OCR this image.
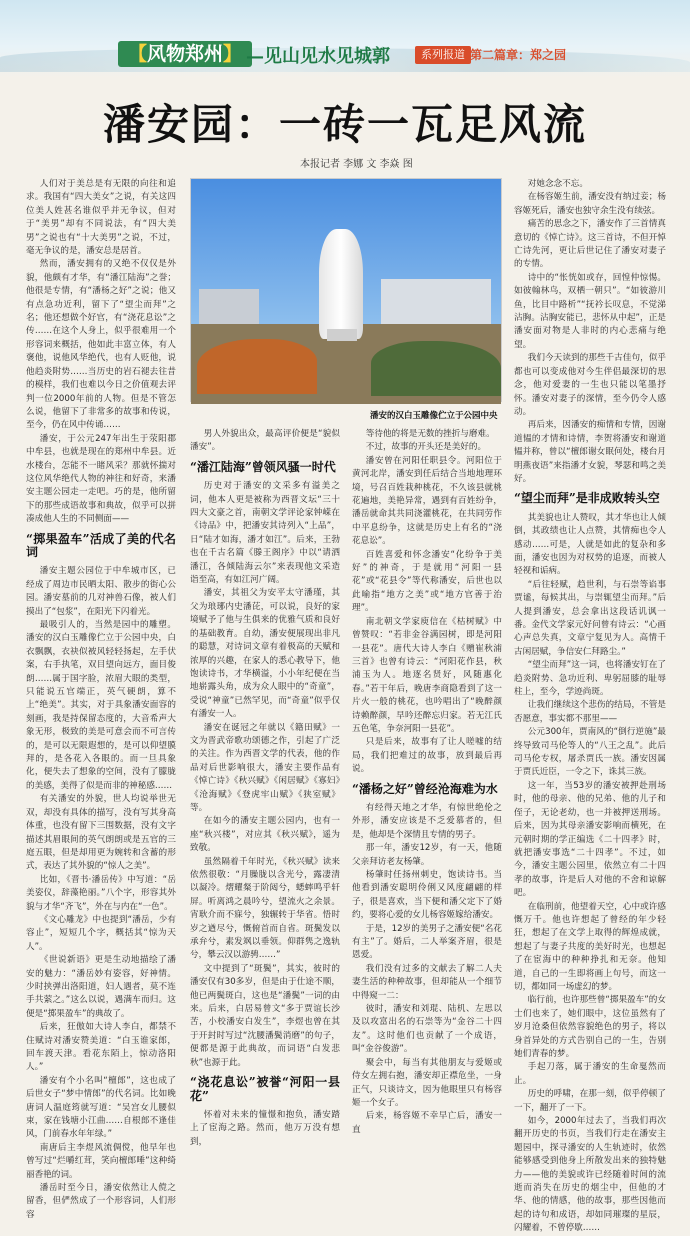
【风物郑州】 —见山见水见城郭	系列报道 第二篇章：郑之园
潘安园：一砖一瓦足风流
本报记者 李娜 文 李焱 图

人们对于美总是有无限的向往和追求。我国有“四大美女”之说，有关这四位美人姓甚名谁似乎并无争议，但对于“美男”却有不同说法，有“四大美男”之说也有“十大美男”之说，不过，毫无争议的是，潘安总是居首。

然而，潘安拥有的又绝不仅仅是外貌，他颇有才华，有“潘江陆海”之誉；他很是专情，有“潘杨之好”之说；他又有点急功近利，留下了“望尘而拜”之名；他还想做个好官，有“浇花息讼”之传……在这个人身上，似乎很难用一个形容词来概括，他如此丰富立体，有人褒他，说他风华绝代，也有人贬他，说他趋炎附势……当历史的岩石褪去往昔的模样，我们也难以今日之价值观去评判一位2000年前的人物。但是不管怎么说，他留下了非常多的故事和传说，至今，仍在风中传诵……

潘安，于公元247年出生于荥阳郡中牟县，也就是现在的郑州中牟县。近水楼台，怎能不一睹风采？那就怀揣对这位风华绝代人物的神往和好奇，来潘安主题公园走一走吧。巧的是，他所留下的那些成语故事和典故，似乎可以拼凑成他人生的不同侧面——

“掷果盈车”活成了美的代名词

潘安主题公园位于中牟城市区，已经成了周边市民晒太阳、散步的街心公园。潘安墓前的几对神兽石像，被人们摸出了“包浆”，在阳光下闪着光。

最吸引人的，当然是园中的雕塑。潘安的汉白玉雕像伫立于公园中央，白衣飘飘，衣袂似被风轻轻扬起，左手伏案，右手执笔，双目望向远方，面目俊朗……属于国字脸，浓眉大眼的类型，只能说五官端正，英气硬朗，算不上“绝美”。其实，对于具象潘安面容的刻画，我是持保留态度的，大音希声大象无形，极致的美是可意会而不可言传的，是可以无限遐想的，是可以仰望膜拜的，是各花入各眼的。而一旦具象化，便失去了想象的空间，没有了朦胧的美感，美得了似是而非的神秘感……

有关潘安的外貌，世人均说举世无双，却没有具体的描写，没有写其身高体重，也没有留下三围数据，没有文字描述其眉眼间的英气朗朗或是五官的三庭五眼，但是却用更为婉转和含蓄的形式，表达了其外貌的“惊人之美”。

比如，《晋书·潘岳传》中写道：“岳美姿仪，辞藻艳丽。”八个字，形容其外貌与才华“齐飞”，外在与内在“一色”。

《文心雕龙》中也提到“潘岳，少有容止”，短短几个字，概括其“惊为天人”。

《世说新语》更是生动地描绘了潘安的魅力：“潘岳妙有姿容，好神情。少时挟弹出洛阳道，妇人遇者，莫不连手共萦之。”这么以说，遇满车而归。这便是“掷果盈车”的典故了。

后来，狂傲如大诗人李白，都禁不住赋诗对潘安赞美道：“白玉谁家郎，回车渡天津。看花东陌上，惊动洛阳人。”

潘安有个小名叫“檀郎”，这也成了后世女子“梦中情郎”的代名词。比如晚唐词人温庭筠就写道：“吴宫女儿腰似束，家在钱塘小江曲……自根郎不逢佳风，门前春水年年绿。”

南唐后主李煜风流倜傥，他早年也曾写过“烂嚼红茸，笑向檀郎唾”这种绮丽香艳的词。

潘岳时至今日，潘安依然让人傥之留香，但俨然成了一个形容词，人们形容

潘安的汉白玉雕像伫立于公园中央

男人外貌出众，最高评价便是“貌似潘安”。

“潘江陆海”曾领风骚一时代

历史对于潘安的文采多有溢美之词，他本人更是被称为西晋文坛“三十四大文豪之首，南朝文学评论家钟嵘在《诗品》中，把潘安其诗列入“上品”，日“陆才如海，潘才如江”。后来，王勃也在千古名篇《滕王阁序》中以“请洒潘江，各倾陆海云尔”来表现他文采造诣至高，有如江河广阔。

潘安，其祖父为安平太守潘瑾，其父为琅琊内史潘芘，可以说，良好的家境赋予了他与生俱来的优雅气质和良好的基础教育。自幼，潘安便展现出非凡的聪慧，对诗词文章有着极高的天赋和浓厚的兴趣，在家人的悉心教导下，他饱读诗书，才华横溢，小小年纪便在当地崭露头角，成为众人眼中的“奇童”，受说“神童”已然罕见，而“奇童”似乎仅有潘安一人。

潘安在诞冠之年就以《籍田赋》一文为晋武帝歌功颂德之作，引起了广泛的关注。作为西晋文学的代表，他的作品对后世影响很大，潘安主要作品有《悼亡诗》《秋兴赋》《闲居赋》《寡妇》《沧海赋》《登虎牢山赋》《狭室赋》等。

在如今的潘安主题公园内，也有一座“秋兴楼”，对应其《秋兴赋》，遥为致敬。

虽然隔着千年时光，《秋兴赋》读来依然很敬：“月臊胧以含光兮，露凄清以凝冷。熠耀粲于阶闼兮，蟋蟀鸣乎轩屏。听离鸿之晨吟兮，望流火之余景。宵耿介而不寐兮，独辗转于华省。悟时岁之遒尽兮，慨俯首而自省。斑鬓发以承弁兮，素发飒以垂领。仰群隽之逸轨兮，攀云汉以游骋……”

文中提到了“斑鬓”，其实，彼时的潘安仅有30多岁，但是由于仕途不顺，他已两鬓斑白，这也是“潘鬓”一词的由来。后来，白居易曾文“多于贾谊长沙苦，小校潘安白发生”，李煜也曾在其于开封时写过“沈腰潘鬓消磨”的句子，便都是源于此典故，而词语“白发悲秋”也源于此。

“浇花息讼”被誉“河阳一县花”

怀着对未来的憧憬和抱负，潘安踏上了宦海之路。然而，他万万没有想到，

等待他的将是无数的挫折与磨难。

不过，故事的开头还是美好的。

潘安曾在河阳任职县令。河阳位于黄河北岸，潘安到任后结合当地地理环境，号召百姓栽种桃花，不久该县就桃花遍地，美艳异常，遇到有百姓纷争，潘岳就命其共同浇灌桃花，在共同劳作中平息纷争，这就是历史上有名的“浇花息讼”。

百姓喜爱和怀念潘安“化纷争于美好”的神奇，于是就用“河阳一县花”或“花县令”等代称潘安，后世也以此喻指“地方之美”或“地方官善于治理”。

南北朝文学家庾信在《枯树赋》中曾赞叹：“若非金谷满园树，即是河阳一县花”。唐代大诗人李白《赠崔秋浦三首》也曾有诗云：“河阳花作县，秋浦玉为人。地逐名贤好，风随惠化春。”若干年后，晚唐李商隐看到了这一片火一般的桃花，也吟唱出了“晚醉颜诗赖醉颜，早吟还醉忘归家。若无江氏五色笔，争奈河阳一县花”。

只是后来，故事有了让人嗟嘘的结局，我们把难过的故事，放到最后再说。

“潘杨之好”曾经沧海难为水

有经得天地之才华，有惊世绝伦之外形，潘安应该是不乏爱慕者的，但是，他却是个深情且专情的男子。

那一年，潘安12岁，有一天，他随父亲拜访老友杨肇。

杨肇时任扬州刺史，饱读诗书。当他看到潘安聪明伶俐又风度翩翩的样子，很是喜欢，当下便和潘父定下了婚约，要将心爱的女儿杨容姬嫁给潘安。

于是，12岁的美男子之潘安便“名花有主”了。婚后，二人举案齐眉，很是恩爱。

我们没有过多的文献去了解二人夫妻生活的种种故事，但却能从一个细节中得窥一二：

彼时，潘安和刘琨、陆机、左思以及以攻富出名的石崇等为“金谷二十四友”。这时他们也贡献了一个成语，叫“金谷俊游”。

聚会中，每当有其他朋友与爱姬或侍女左拥右抱，潘安却正襟危坐，一身正气，只谈诗文，因为他眼里只有杨容姬一个女子。

后来，杨容姬不幸早亡后，潘安一直

对她念念不忘。

在杨容姬生前，潘安没有纳过妾；杨容姬死后，潘安也独守余生没有续弦。

痛苦的思念之下，潘安作了三首情真意切的《悼亡诗》。这三首诗，不但开悼亡诗先河，更让后世记住了潘安对妻子的专情。

诗中的“怅恍如或存，回惶仲惊惕。如彼翰林鸟，双栖一朝只”。“如彼游川鱼，比目中路析”“抚衿长叹息，不觉涕沾胸。沾胸安能已，悲怀从中起”，正是潘安面对物是人非时的内心悲痛与绝望。

我们今天读到的那些千古佳句，似乎都也可以变成他对今生伴侣最深切的思念，他对爱妻的一生也只能以笔墨抒怀。潘安对妻子的深情，至今仍令人感动。

再后来，因潘安的痴情和专情，因谢道韫的才情和诗情，李贺将潘安和谢道韫并称，曾以“檀郎谢女眠何处，楼台月明燕夜语”来指潘才女貌，琴瑟和鸣之美好。

“望尘而拜”是非成败转头空

其美貌也让人赞叹，其才华也让人倾倒，其政绩也让人点赞，其情痴也令人感动……可是，人就是如此的复杂和多面，潘安也因为对权势的追逐，而被人轻视和诟病。

“后往轻赋，趋世利，与石崇等谄事贾谧，每候其出，与崇辄望尘而拜。”后人提到潘安，总会拿出这段话讥讽一番。金代文学家元好问曾有诗云：“心画心声总失真，文章宁复见为人。高情千古闲居赋，争信安仁拜路尘。”

“望尘而拜”这一词，也将潘安钉在了趋炎附势、急功近利、卑躬屈膝的耻辱柱上，至今，学迹尚斑。

让我们继续这个悲伤的结局，不管是否愿意，事实都不那里——

公元300年，贾南风的“倒行逆施”最终导致司马伦等人的“八王之乱”。此后司马伦专权，屠杀贾氏一族。潘安因属于贾氏近臣，一令之下，诛其三族。

这一年，当53岁的潘安被押赴刑场时，他的母亲、他的兄弟、他的儿子和侄子，无论老幼，也一并被押送刑场。后来，因为其母亲潘安影响而横死，在元朝时期的学正编选《二十四孝》时，就把潘安事选“二十四孝”。不过，如今，潘安主题公园里，依然立有二十四孝的故事，许是后人对他的不舍和谅解吧。

在临刑前，他望着天空，心中或许感慨万千。他也许想起了曾经的年少轻狂，想起了在文学上取得的辉煌成就，想起了与妻子共度的美好时光，也想起了在宦海中的种种挣扎和无奈。他知道，自己的一生即将画上句号，而这一切，都如同一场虚幻的梦。

临行前，也许那些曾“掷果盈车”的女士们也来了，她们眼中，这位虽然有了岁月沧桑但依然容貌绝色的男子，将以身首异处的方式告别自己的一生，告别她们青春的梦。

手起刀落，属于潘安的生命戛然而止。

历史的呼啸，在那一刻，似乎停顿了一下，翻开了一下。

如今，2000年过去了，当我们再次翻开历史的书页，当我们行走在潘安主题园中，探寻潘安的人生轨迹时，依然能够感受到他身上所散发出来的独特魅力——他的美貌或许已经随着时间的流逝而消失在历史的烟尘中，但他的才华、他的情感，他的故事，那些因他而起的诗句和成语，却如同璀璨的星辰，闪耀着，不曾停歇……
